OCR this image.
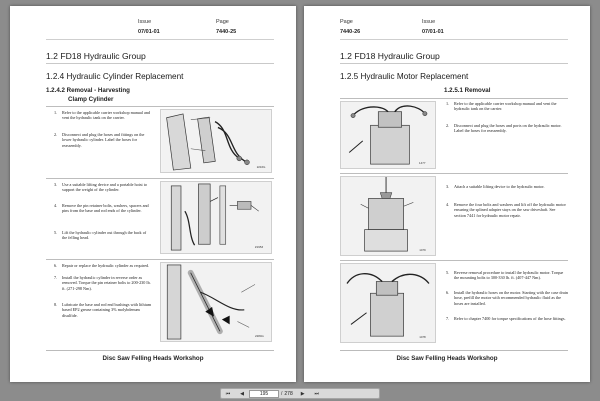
Issue
07/01-01
Page
7440-25
1.2 FD18 Hydraulic Group
1.2.4 Hydraulic Cylinder Replacement
1.2.4.2 Removal - Harvesting
Clamp Cylinder
1. Refer to the applicable carrier workshop manual and vent the hydraulic tank on the carrier.
2. Disconnect and plug the hoses and fittings on the lower hydraulic cylinder. Label the hoses for reassembly.
2216G
3. Use a suitable lifting device and a portable hoist to support the weight of the cylinder.
4. Remove the pin retainer bolts, washers, spacers and pins from the base and rod ends of the cylinder.
5. Lift the hydraulic cylinder out through the back of the felling head.
Z1953
6. Repair or replace the hydraulic cylinder as required.
7. Install the hydraulic cylinder in reverse order as removed. Torque the pin retainer bolts to 200-230 lb. ft. (271-298 Nm).
8. Lubricate the base and rod end bushings with lithium based EP2 grease containing 3% molybdenum disulfide.
2284G
Disc Saw Felling Heads Workshop
Page
7440-26
Issue
07/01-01
1.2 FD18 Hydraulic Group
1.2.5 Hydraulic Motor Replacement
1.2.5.1 Removal
1477
1. Refer to the applicable carrier workshop manual and vent the hydraulic tank on the carrier.
2. Disconnect and plug the hoses and ports on the hydraulic motor. Label the hoses for reassembly.
1479
3. Attach a suitable lifting device to the hydraulic motor.
4. Remove the four bolts and washers and lift off the hydraulic motor ensuring the splined adapter stays on the saw driveshaft. See section 7441 for hydraulic motor repair.
1478
5. Reverse removal procedure to install the hydraulic motor. Torque the mounting bolts to 300-330 lb. ft. (407-447 Nm).
6. Install the hydraulic hoses on the motor. Starting with the case drain hose, prefill the motor with recommended hydraulic fluid as the hoses are installed.
7. Refer to chapter 7400 for torque specifications of the hose fittings.
Disc Saw Felling Heads Workshop
⏮	◀	195	/ 278	▶	⏭
